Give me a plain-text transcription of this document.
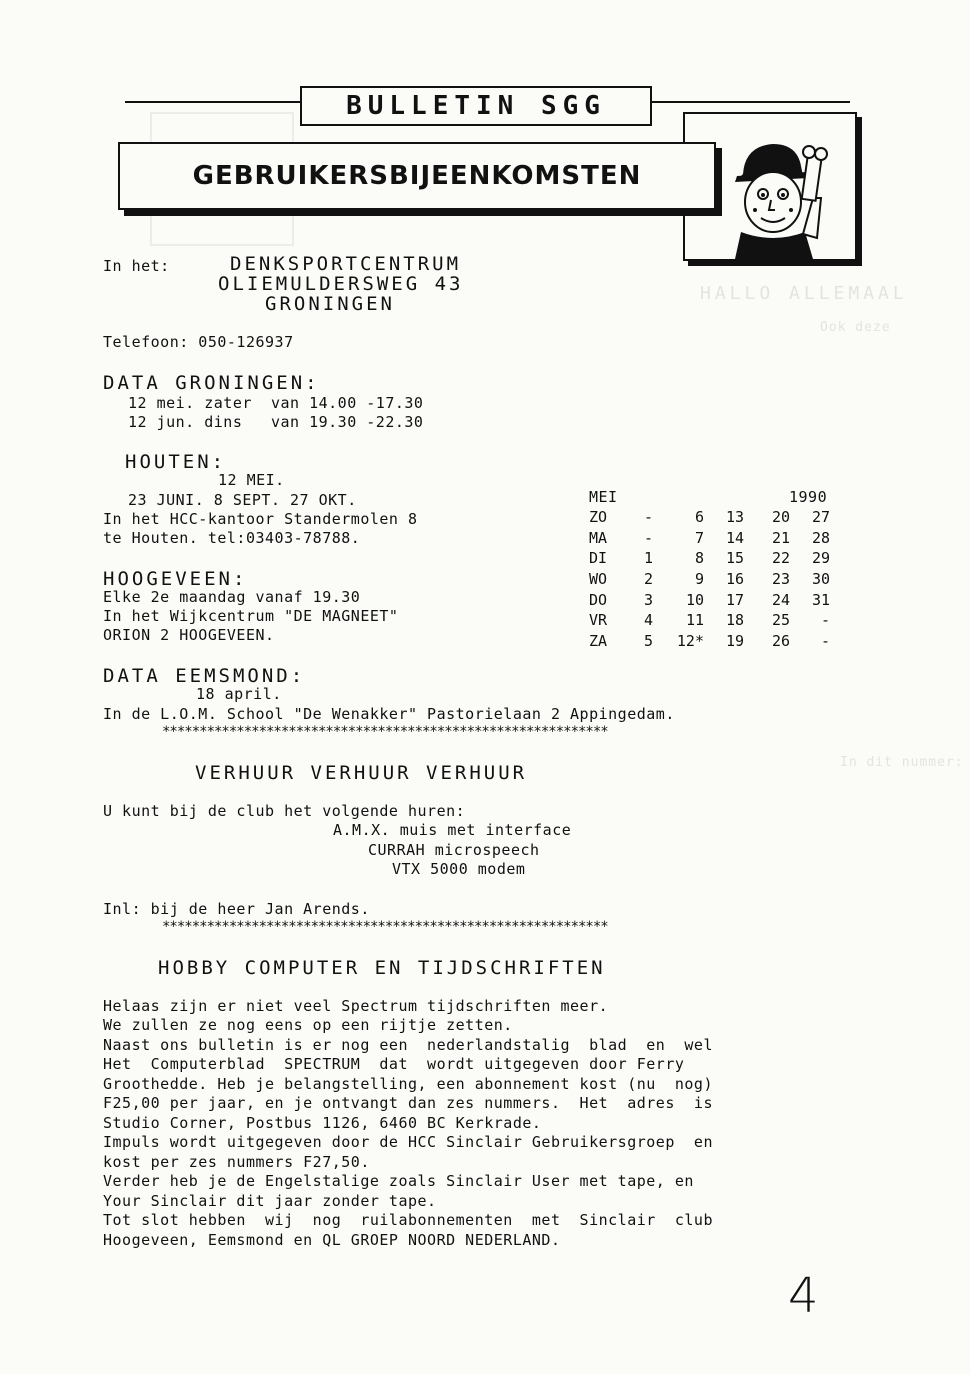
HALLO ALLEMAAL
Ook deze
In dit nummer:
BULLETIN SGG
GEBRUIKERSBIJEENKOMSTEN
In het:	DENKSPORTCENTRUM
OLIEMULDERSWEG 43
GRONINGEN
Telefoon: 050-126937
DATA GRONINGEN:
12 mei. zater  van 14.00 -17.30
12 jun. dins   van 19.30 -22.30
HOUTEN:
12 MEI.
23 JUNI. 8 SEPT. 27 OKT.
In het HCC-kantoor Standermolen 8
te Houten. tel:03403-78788.
HOOGEVEEN:
Elke 2e maandag vanaf 19.30
In het Wijkcentrum "DE MAGNEET"
ORION 2 HOOGEVEEN.
MEI	1990
ZO	-	6	13	20	27
MA	-	7	14	21	28
DI	1	8	15	22	29
WO	2	9	16	23	30
DO	3	10	17	24	31
VR	4	11	18	25	-
ZA	5	12*	19	26	-
DATA EEMSMOND:
18 april.
In de L.O.M. School "De Wenakker" Pastorielaan 2 Appingedam.
************************************************************
VERHUUR VERHUUR VERHUUR
U kunt bij de club het volgende huren:
A.M.X. muis met interface
CURRAH microspeech
VTX 5000 modem
Inl: bij de heer Jan Arends.
************************************************************
HOBBY COMPUTER EN TIJDSCHRIFTEN
Helaas zijn er niet veel Spectrum tijdschriften meer.
We zullen ze nog eens op een rijtje zetten.
Naast ons bulletin is er nog een  nederlandstalig  blad  en  wel
Het  Computerblad  SPECTRUM  dat  wordt uitgegeven door Ferry
Groothedde. Heb je belangstelling, een abonnement kost (nu  nog)
F25,00 per jaar, en je ontvangt dan zes nummers.  Het  adres  is
Studio Corner, Postbus 1126, 6460 BC Kerkrade.
Impuls wordt uitgegeven door de HCC Sinclair Gebruikersgroep  en
kost per zes nummers F27,50.
Verder heb je de Engelstalige zoals Sinclair User met tape, en
Your Sinclair dit jaar zonder tape.
Tot slot hebben  wij  nog  ruilabonnementen  met  Sinclair  club
Hoogeveen, Eemsmond en QL GROEP NOORD NEDERLAND.
4
